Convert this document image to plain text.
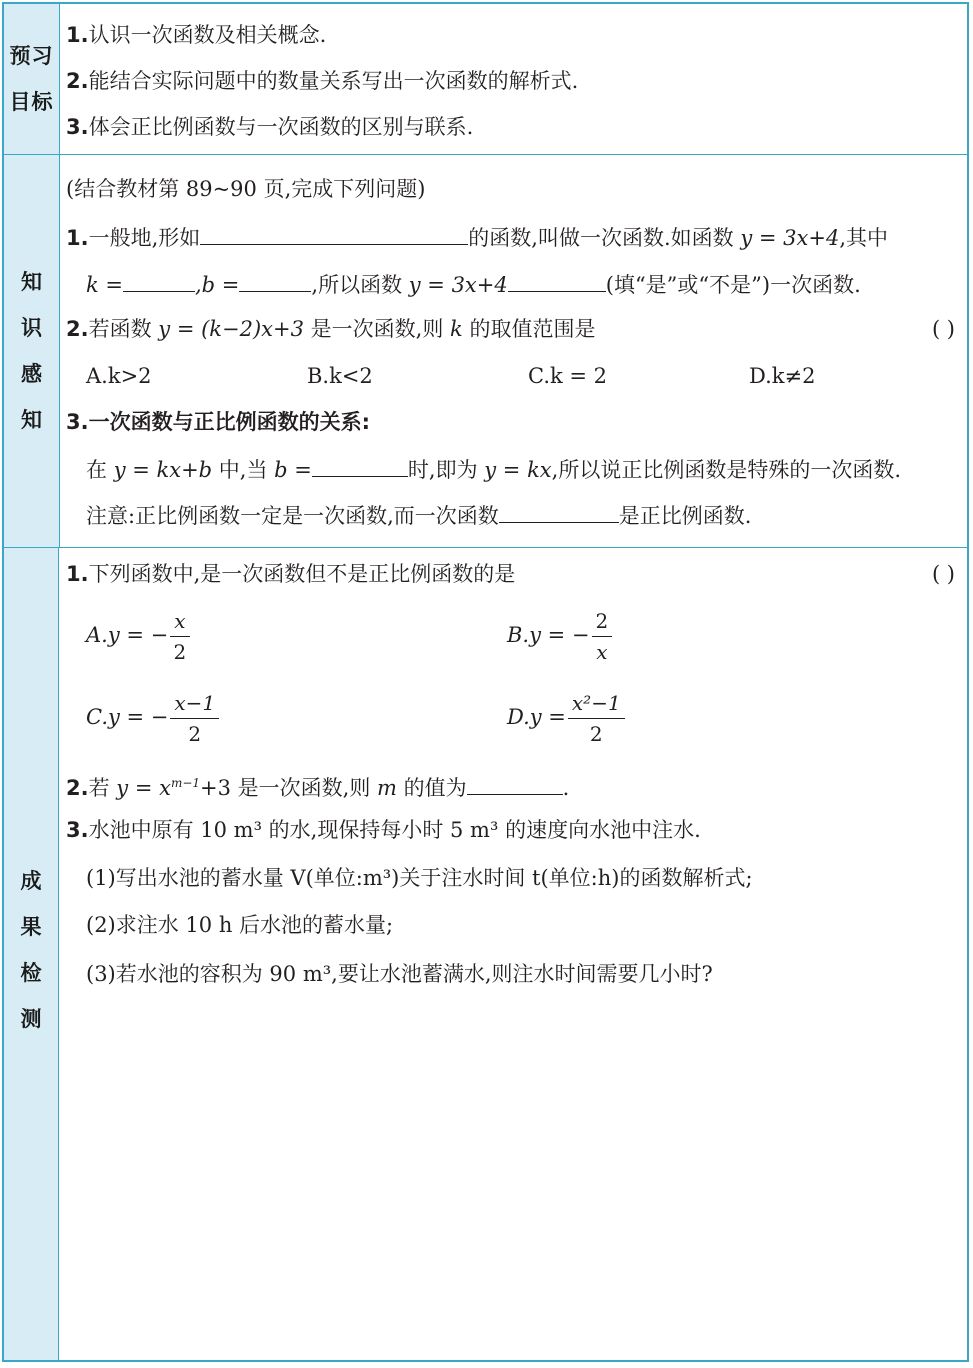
预习
目标
1.认识一次函数及相关概念.
2.能结合实际问题中的数量关系写出一次函数的解析式.
3.体会正比例函数与一次函数的区别与联系.
知
识
感
知
(结合教材第 89~90 页,完成下列问题)
1.一般地,形如	的函数,叫做一次函数.如函数 y = 3x+4,其中
k =	,b =	,所以函数 y = 3x+4	(填“是”或“不是”)一次函数.
2.若函数 y = (k−2)x+3 是一次函数,则 k 的取值范围是	( )
A.k>2	B.k<2	C.k = 2	D.k≠2
3.一次函数与正比例函数的关系:
在 y = kx+b 中,当 b =	时,即为 y = kx,所以说正比例函数是特殊的一次函数.
注意:正比例函数一定是一次函数,而一次函数	是正比例函数.
成
果
检
测
1.下列函数中,是一次函数但不是正比例函数的是	( )
A.y = − $\frac{x}{2}$	B.y = − $\frac{2}{x}$
C.y = − $\frac{x-1}{2}$	$D.y = \frac{\text{x²−1}}{2}$
2.若 $y = x^{m-1}+3$ 是一次函数,则 m 的值为	.
3.水池中原有 10 m³ 的水,现保持每小时 5 m³ 的速度向水池中注水.
(1)写出水池的蓄水量 V(单位:m³)关于注水时间 t(单位:h)的函数解析式;
(2)求注水 10 h 后水池的蓄水量;
(3)若水池的容积为 90 m³,要让水池蓄满水,则注水时间需要几小时?
